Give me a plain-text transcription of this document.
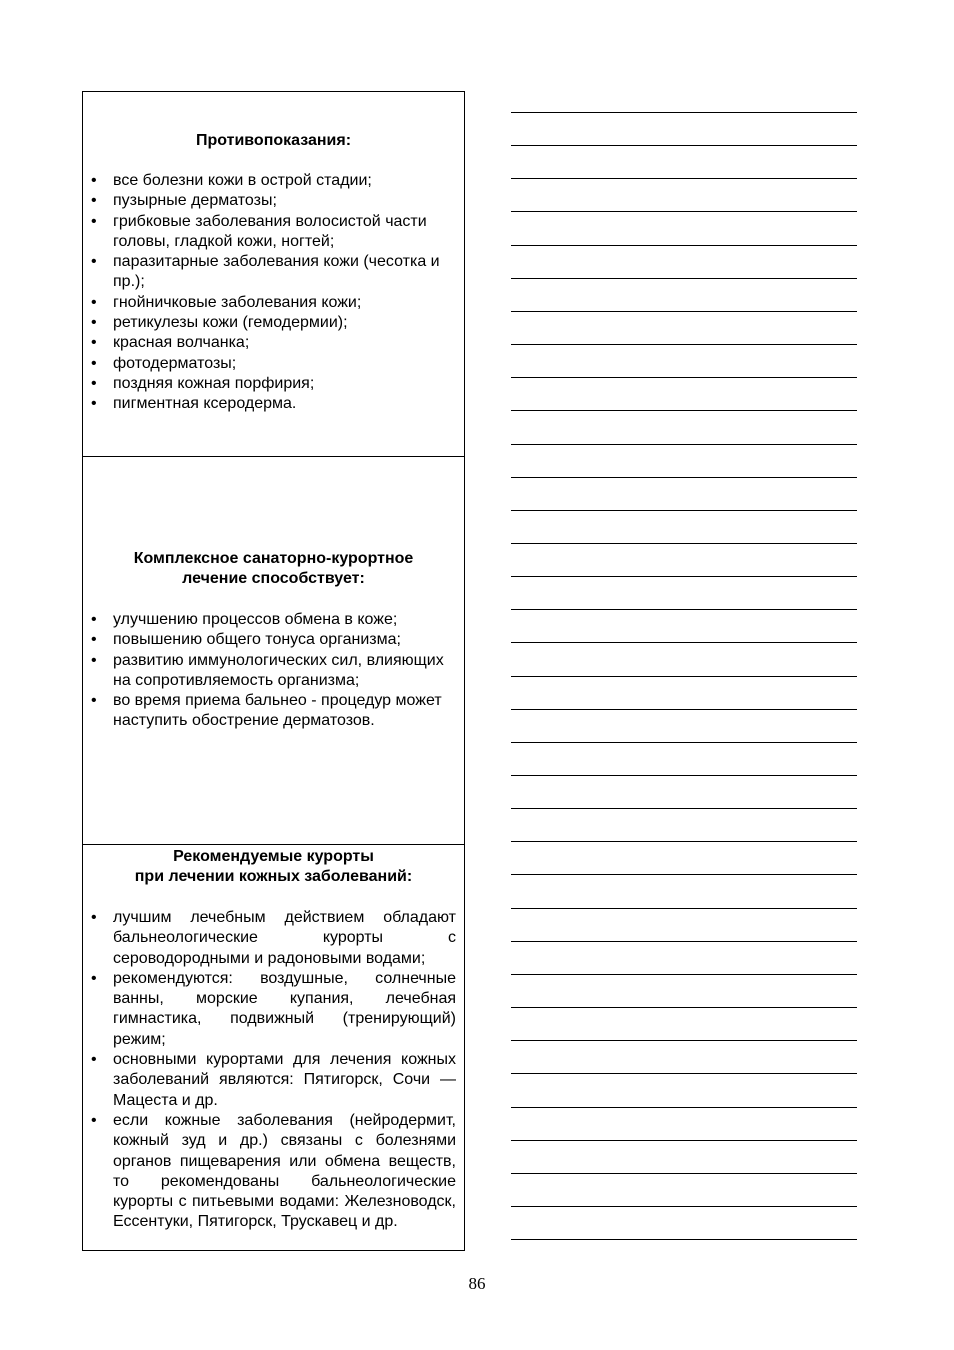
Противопоказания:

• все болезни кожи в острой стадии;
• пузырные дерматозы;
• грибковые заболевания волосистой части головы, гладкой кожи, ногтей;
• паразитарные заболевания кожи (чесотка и пр.);
• гнойничковые заболевания кожи;
• ретикулезы кожи (гемодермии);
• красная волчанка;
• фотодерматозы;
• поздняя кожная порфирия;
• пигментная ксеродерма.

Комплексное санаторно-курортное
лечение способствует:

• улучшению процессов обмена в коже;
• повышению общего тонуса организма;
• развитию иммунологических сил, влияющих на сопротивляемость организма;
• во время приема бальнео - процедур может наступить обострение дерматозов.

Рекомендуемые курорты
при лечении кожных заболеваний:

• лучшим лечебным действием обладают бальнеологические курорты с сероводородными и радоновыми водами;
• рекомендуются: воздушные, солнечные ванны, морские купания, лечебная гимнастика, подвижный (тренирующий) режим;
• основными курортами для лечения кожных заболеваний являются: Пятигорск, Сочи — Мацеста и др.
• если кожные заболевания (нейродермит, кожный зуд и др.) связаны с болезнями органов пищеварения или обмена веществ, то рекомендованы бальнеологические курорты с питьевыми водами: Железноводск, Ессентуки, Пятигорск, Трускавец и др.
86
